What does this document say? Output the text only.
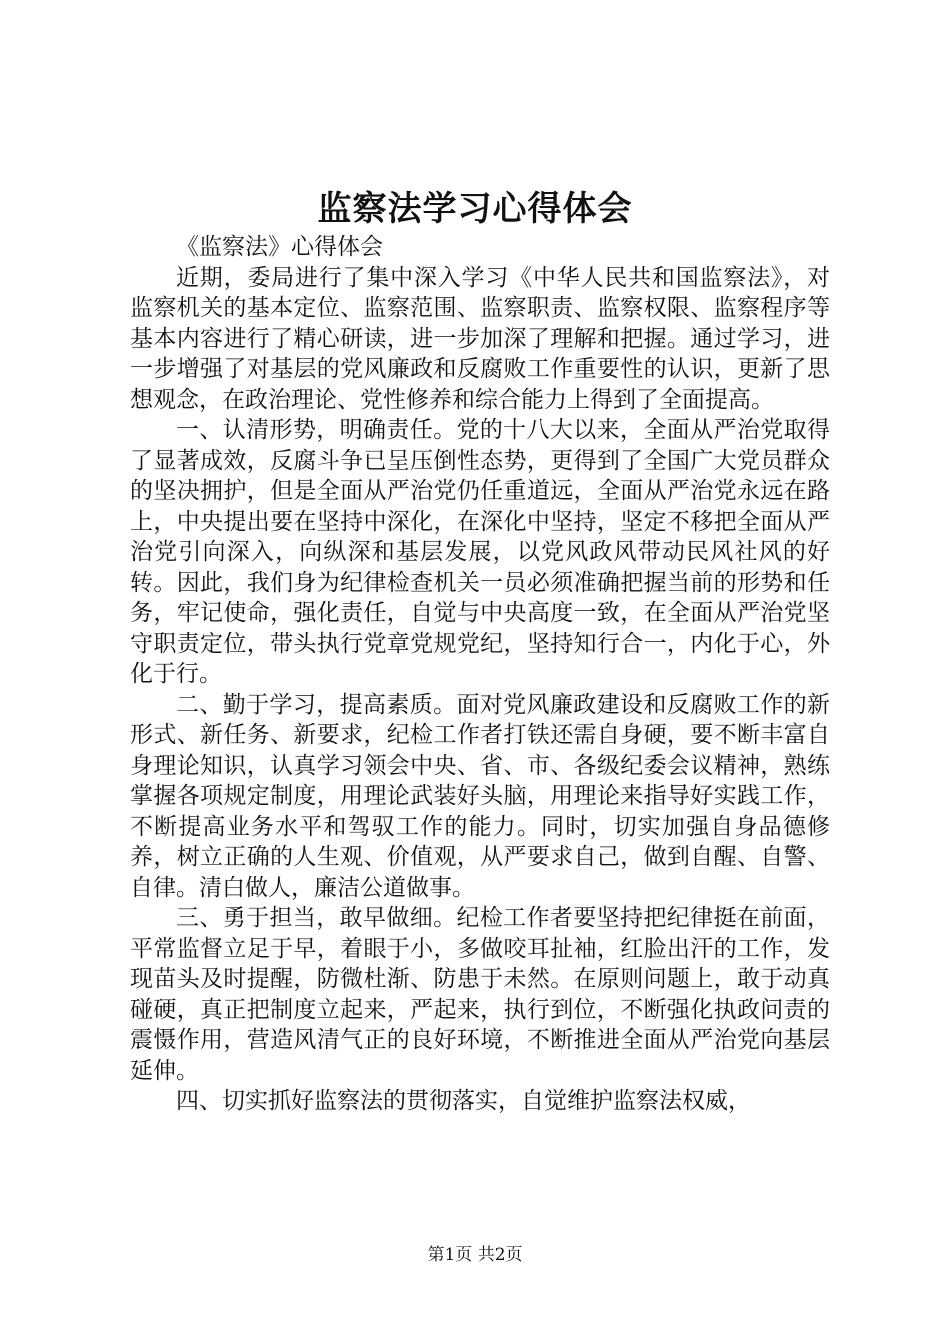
监察法学习心得体会

《监察法》心得体会

近期，委局进行了集中深入学习《中华人民共和国监察法》，对监察机关的基本定位、监察范围、监察职责、监察权限、监察程序等基本内容进行了精心研读，进一步加深了理解和把握。通过学习，进一步增强了对基层的党风廉政和反腐败工作重要性的认识，更新了思想观念，在政治理论、党性修养和综合能力上得到了全面提高。

一、认清形势，明确责任。党的十八大以来，全面从严治党取得了显著成效，反腐斗争已呈压倒性态势，更得到了全国广大党员群众的坚决拥护，但是全面从严治党仍任重道远，全面从严治党永远在路上，中央提出要在坚持中深化，在深化中坚持，坚定不移把全面从严治党引向深入，向纵深和基层发展，以党风政风带动民风社风的好转。因此，我们身为纪律检查机关一员必须准确把握当前的形势和任务，牢记使命，强化责任，自觉与中央高度一致，在全面从严治党坚守职责定位，带头执行党章党规党纪，坚持知行合一，内化于心，外化于行。

二、勤于学习，提高素质。面对党风廉政建设和反腐败工作的新形式、新任务、新要求，纪检工作者打铁还需自身硬，要不断丰富自身理论知识，认真学习领会中央、省、市、各级纪委会议精神，熟练掌握各项规定制度，用理论武装好头脑，用理论来指导好实践工作，不断提高业务水平和驾驭工作的能力。同时，切实加强自身品德修养，树立正确的人生观、价值观，从严要求自己，做到自醒、自警、自律。清白做人，廉洁公道做事。

三、勇于担当，敢早做细。纪检工作者要坚持把纪律挺在前面，平常监督立足于早，着眼于小，多做咬耳扯袖，红脸出汗的工作，发现苗头及时提醒，防微杜渐、防患于未然。在原则问题上，敢于动真碰硬，真正把制度立起来，严起来，执行到位，不断强化执政问责的震慑作用，营造风清气正的良好环境，不断推进全面从严治党向基层延伸。

四、切实抓好监察法的贯彻落实，自觉维护监察法权威，

第1页 共2页
